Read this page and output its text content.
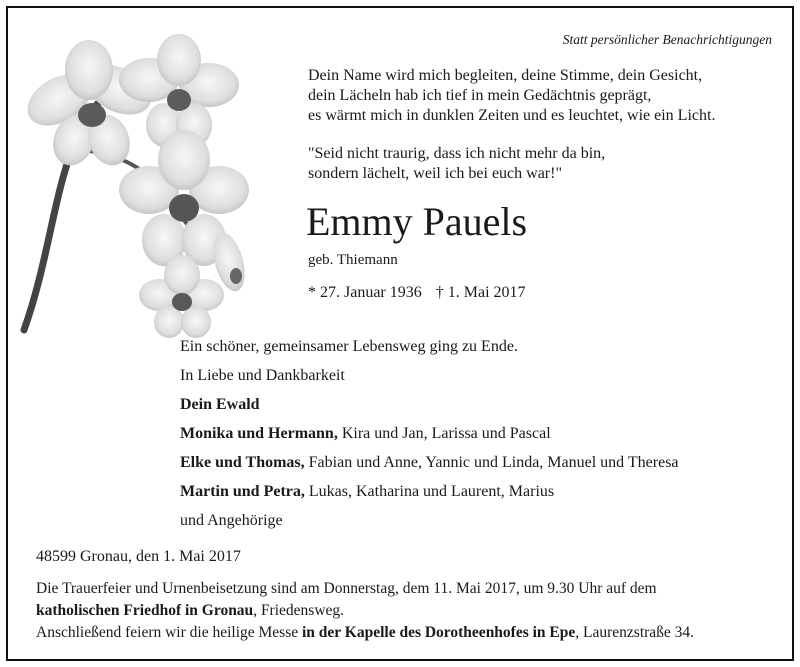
Statt persönlicher Benachrichtigungen

Dein Name wird mich begleiten, deine Stimme, dein Gesicht,

dein Lächeln hab ich tief in mein Gedächtnis geprägt,

es wärmt mich in dunklen Zeiten und es leuchtet, wie ein Licht.

"Seid nicht traurig, dass ich nicht mehr da bin,

sondern lächelt, weil ich bei euch war!"

Emmy Pauels
geb. Thiemann
* 27. Januar 1936 † 1. Mai 2017
Ein schöner, gemeinsamer Lebensweg ging zu Ende.
In Liebe und Dankbarkeit
Dein Ewald
Monika und Hermann, Kira und Jan, Larissa und Pascal
Elke und Thomas, Fabian und Anne, Yannic und Linda, Manuel und Theresa
Martin und Petra, Lukas, Katharina und Laurent, Marius
und Angehörige
48599 Gronau, den 1. Mai 2017

Die Trauerfeier und Urnenbeisetzung sind am Donnerstag, dem 11. Mai 2017, um 9.30 Uhr auf dem

katholischen Friedhof in Gronau, Friedensweg.

Anschließend feiern wir die heilige Messe in der Kapelle des Dorotheenhofes in Epe, Laurenzstraße 34.
